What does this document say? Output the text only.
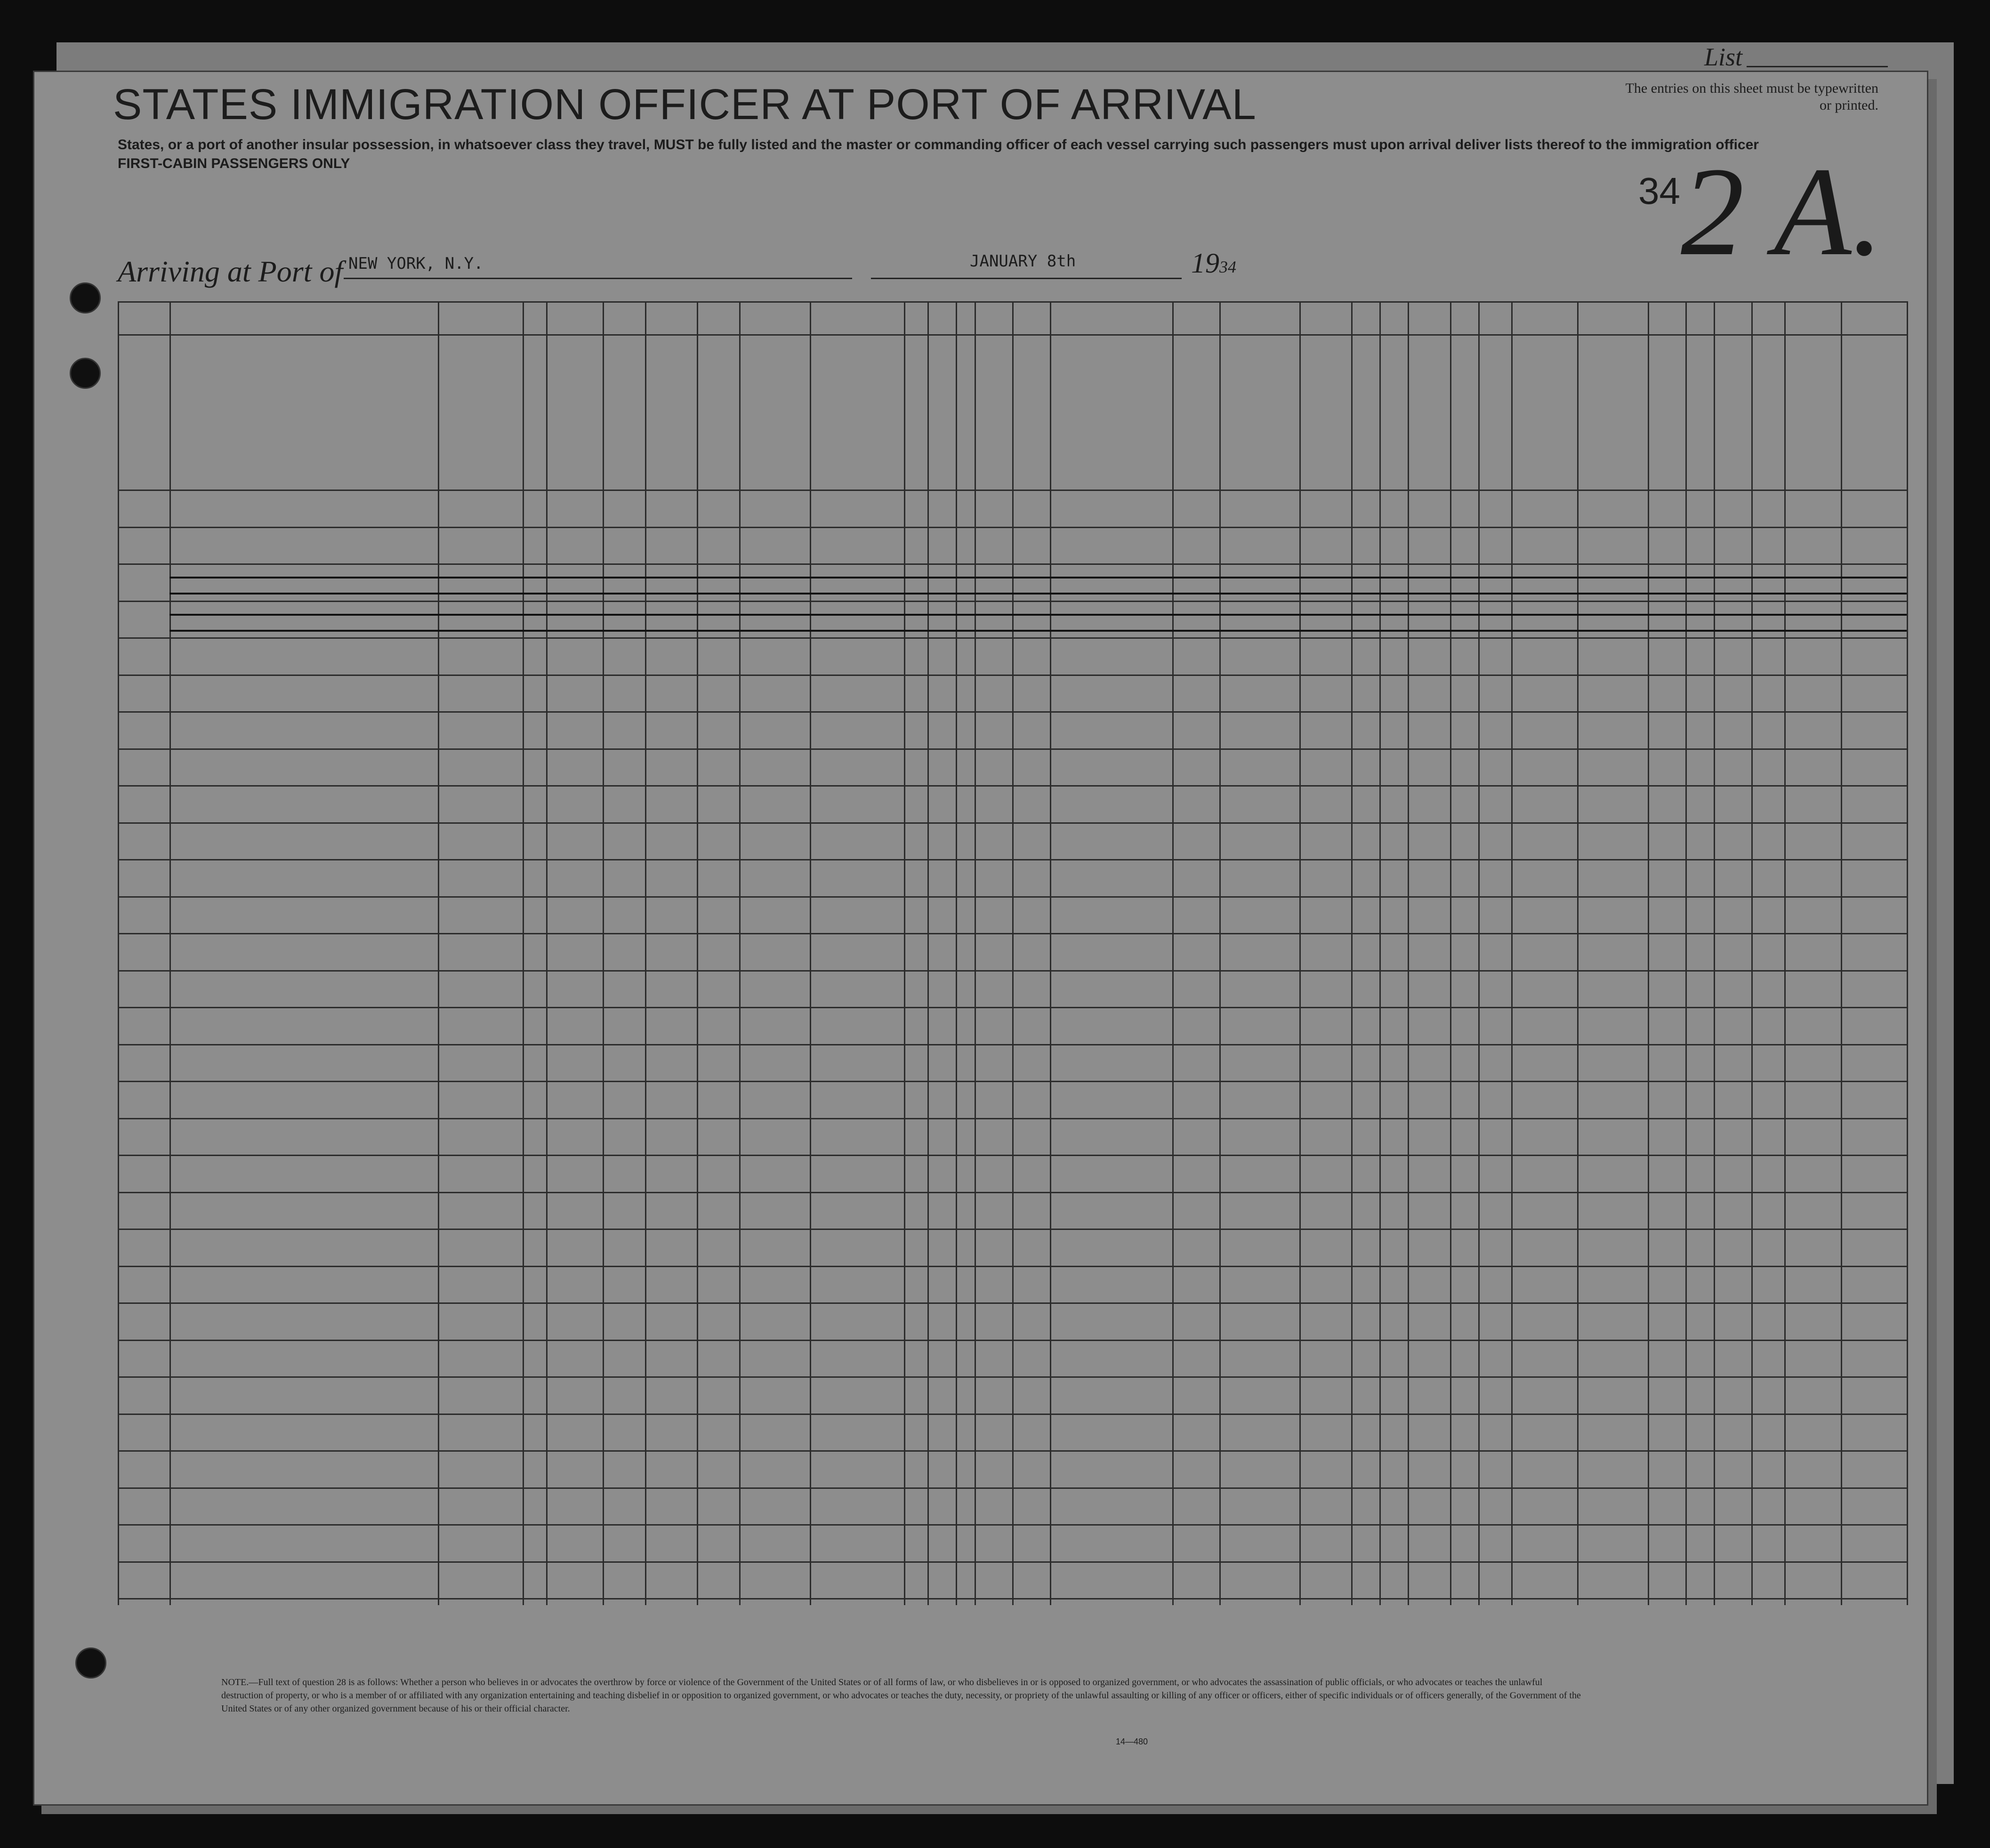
List
STATES IMMIGRATION OFFICER AT PORT OF ARRIVAL	The entries on this sheet must be typewritten or printed.
States, or a port of another insular possession, in whatsoever class they travel, MUST be fully listed and the master or commanding officer of each vessel carrying such passengers must upon arrival deliver lists thereof to the immigration officer
FIRST-CABIN PASSENGERS ONLY
34 2 A.
Arriving at Port of NEW YORK, N.Y.	JANUARY 8th	1934
NOTE.—Full text of question 28 is as follows: Whether a person who believes in or advocates the overthrow by force or violence of the Government of the United States or of all forms of law, or who disbelieves in or is opposed to organized government, or who advocates the assassination of public officials, or who advocates or teaches the unlawful destruction of property, or who is a member of or affiliated with any organization entertaining and teaching disbelief in or opposition to organized government, or who advocates or teaches the duty, necessity, or propriety of the unlawful assaulting or killing of any officer or officers, either of specific individuals or of officers generally, of the Government of the United States or of any other organized government because of his or their official character.
14—480
